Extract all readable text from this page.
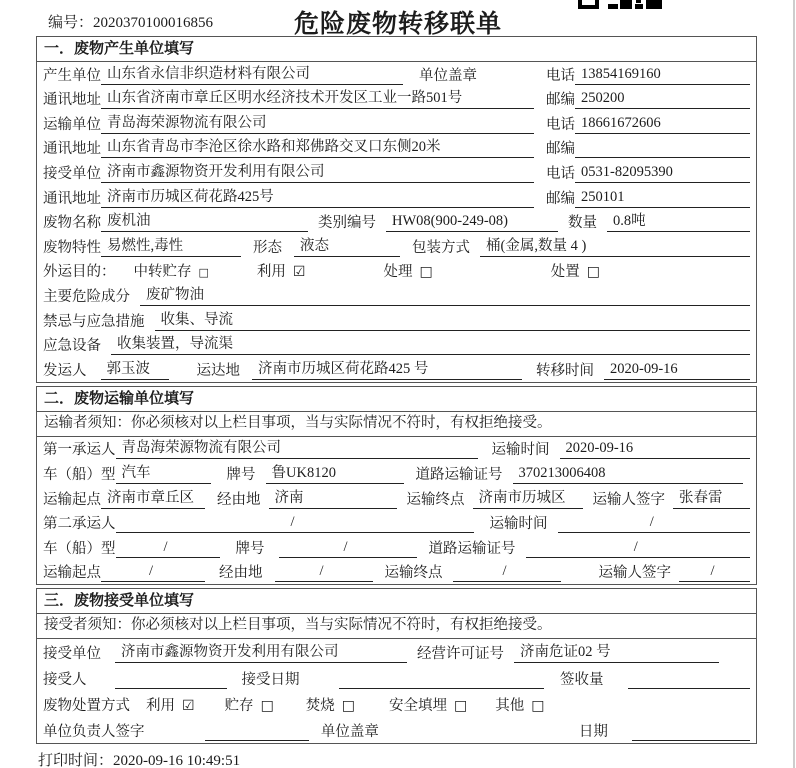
编号：2020370100016856	危险废物转移联单
一．废物产生单位填写
产生单位 山东省永信非织造材料有限公司	单位盖章	电话 13854169160
通讯地址 山东省济南市章丘区明水经济技术开发区工业一路501号	邮编 250200
运输单位 青岛海荣源物流有限公司	电话 18661672606
通讯地址 山东省青岛市李沧区徐水路和郑佛路交叉口东侧20米	邮编
接受单位 济南市鑫源物资开发利用有限公司	电话 0531-82095390
通讯地址 济南市历城区荷花路425号	邮编 250101
废物名称 废机油	类别编号	HW08(900-249-08)	数量	0.8吨
废物特性 易燃性,毒性	形态	液态	包装方式	桶(金属,数量 4 )
外运目的： 中转贮存 □	利用 ☑	处理 □	处置 □
主要危险成分	废矿物油
禁忌与应急措施	收集、导流
应急设备	收集装置，导流渠
发运人	郭玉波	运达地	济南市历城区荷花路425 号	转移时间	2020-09-16
二．废物运输单位填写
运输者须知：你必须核对以上栏目事项，当与实际情况不符时，有权拒绝接受。
第一承运人 青岛海荣源物流有限公司	运输时间	2020-09-16
车（船）型 汽车	牌号	鲁UK8120	道路运输证号	370213006408
运输起点 济南市章丘区	经由地 济南	运输终点 济南市历城区	运输人签字 张春雷
第二承运人	/	运输时间	/
车（船）型	/	牌号	/	道路运输证号	/
运输起点	/	经由地	/	运输终点	/	运输人签字	/
三．废物接受单位填写
接受者须知：你必须核对以上栏目事项，当与实际情况不符时，有权拒绝接受。
接受单位	济南市鑫源物资开发利用有限公司	经营许可证号	济南危证02 号
接受人	接受日期	签收量
废物处置方式 利用 ☑ 贮存 □ 焚烧 □ 安全填埋 □ 其他 □
单位负责人签字	单位盖章	日期
打印时间：2020-09-16 10:49:51
